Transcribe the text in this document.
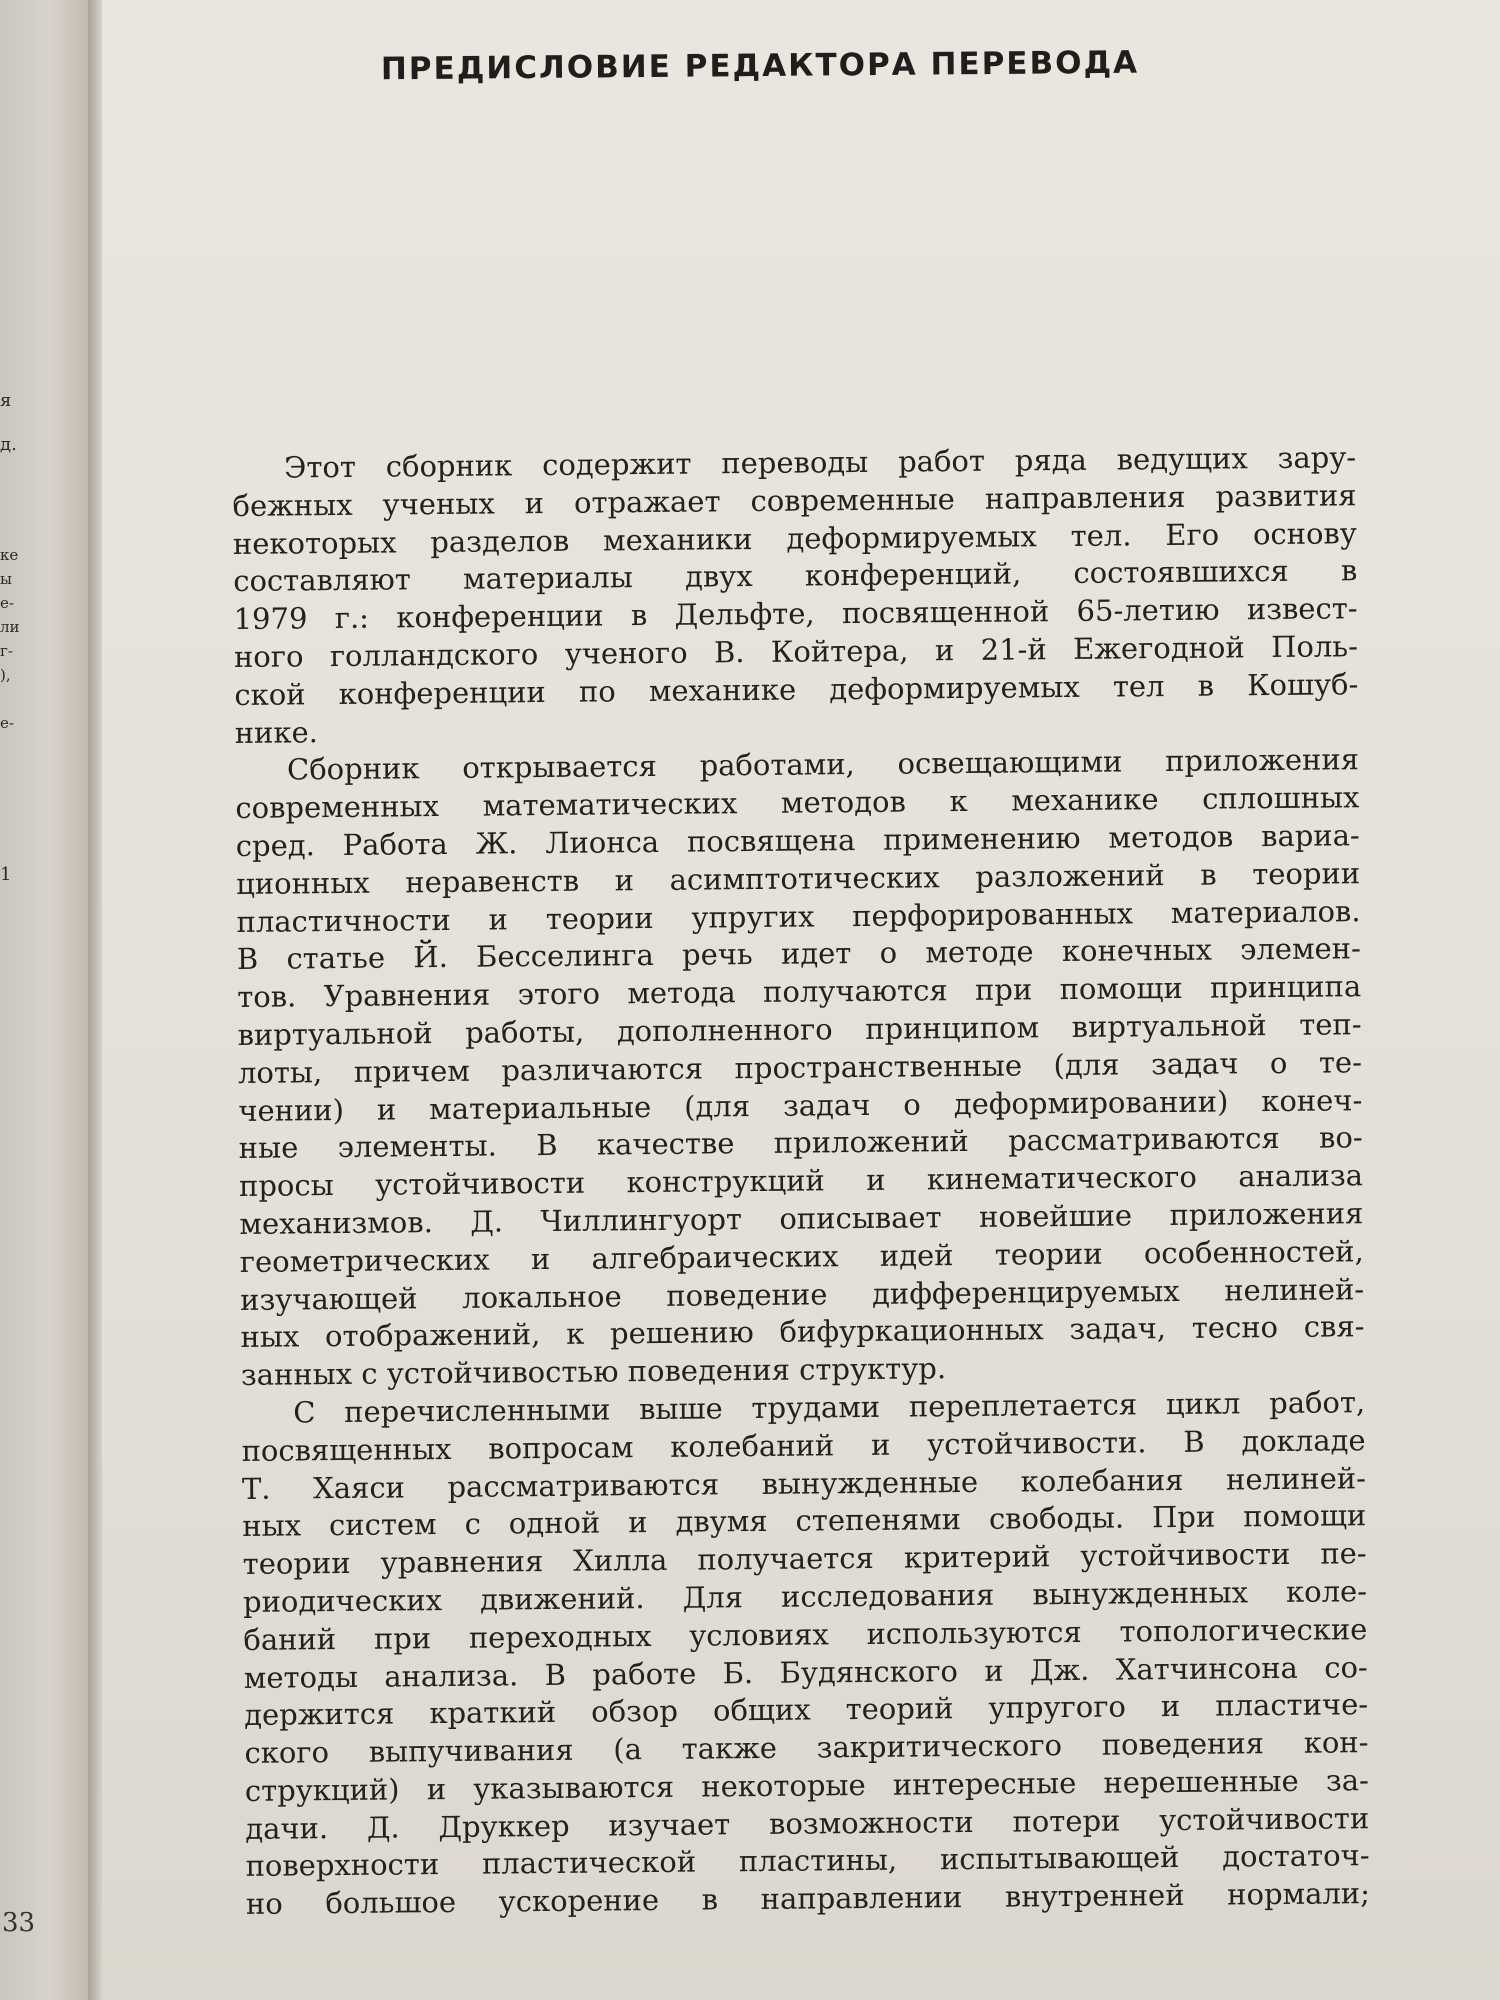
я
д.
ке
ы
е-
ли
г-
),
е-
1
33
ПРЕДИСЛОВИЕ РЕДАКТОРА ПЕРЕВОДА
Этот сборник содержит переводы работ ряда ведущих зару-
бежных ученых и отражает современные направления развития
некоторых разделов механики деформируемых тел. Его основу
составляют материалы двух конференций, состоявшихся в
1979 г.: конференции в Дельфте, посвященной 65-летию извест-
ного голландского ученого В. Койтера, и 21-й Ежегодной Поль-
ской конференции по механике деформируемых тел в Кошуб-
нике.
Сборник открывается работами, освещающими приложения
современных математических методов к механике сплошных
сред. Работа Ж. Лионса посвящена применению методов вариа-
ционных неравенств и асимптотических разложений в теории
пластичности и теории упругих перфорированных материалов.
В статье Й. Бесселинга речь идет о методе конечных элемен-
тов. Уравнения этого метода получаются при помощи принципа
виртуальной работы, дополненного принципом виртуальной теп-
лоты, причем различаются пространственные (для задач о те-
чении) и материальные (для задач о деформировании) конеч-
ные элементы. В качестве приложений рассматриваются во-
просы устойчивости конструкций и кинематического анализа
механизмов. Д. Чиллингуорт описывает новейшие приложения
геометрических и алгебраических идей теории особенностей,
изучающей локальное поведение дифференцируемых нелиней-
ных отображений, к решению бифуркационных задач, тесно свя-
занных с устойчивостью поведения структур.
С перечисленными выше трудами переплетается цикл работ,
посвященных вопросам колебаний и устойчивости. В докладе
Т. Хаяси рассматриваются вынужденные колебания нелиней-
ных систем с одной и двумя степенями свободы. При помощи
теории уравнения Хилла получается критерий устойчивости пе-
риодических движений. Для исследования вынужденных коле-
баний при переходных условиях используются топологические
методы анализа. В работе Б. Будянского и Дж. Хатчинсона со-
держится краткий обзор общих теорий упругого и пластиче-
ского выпучивания (а также закритического поведения кон-
струкций) и указываются некоторые интересные нерешенные за-
дачи. Д. Друккер изучает возможности потери устойчивости
поверхности пластической пластины, испытывающей достаточ-
но большое ускорение в направлении внутренней нормали;
